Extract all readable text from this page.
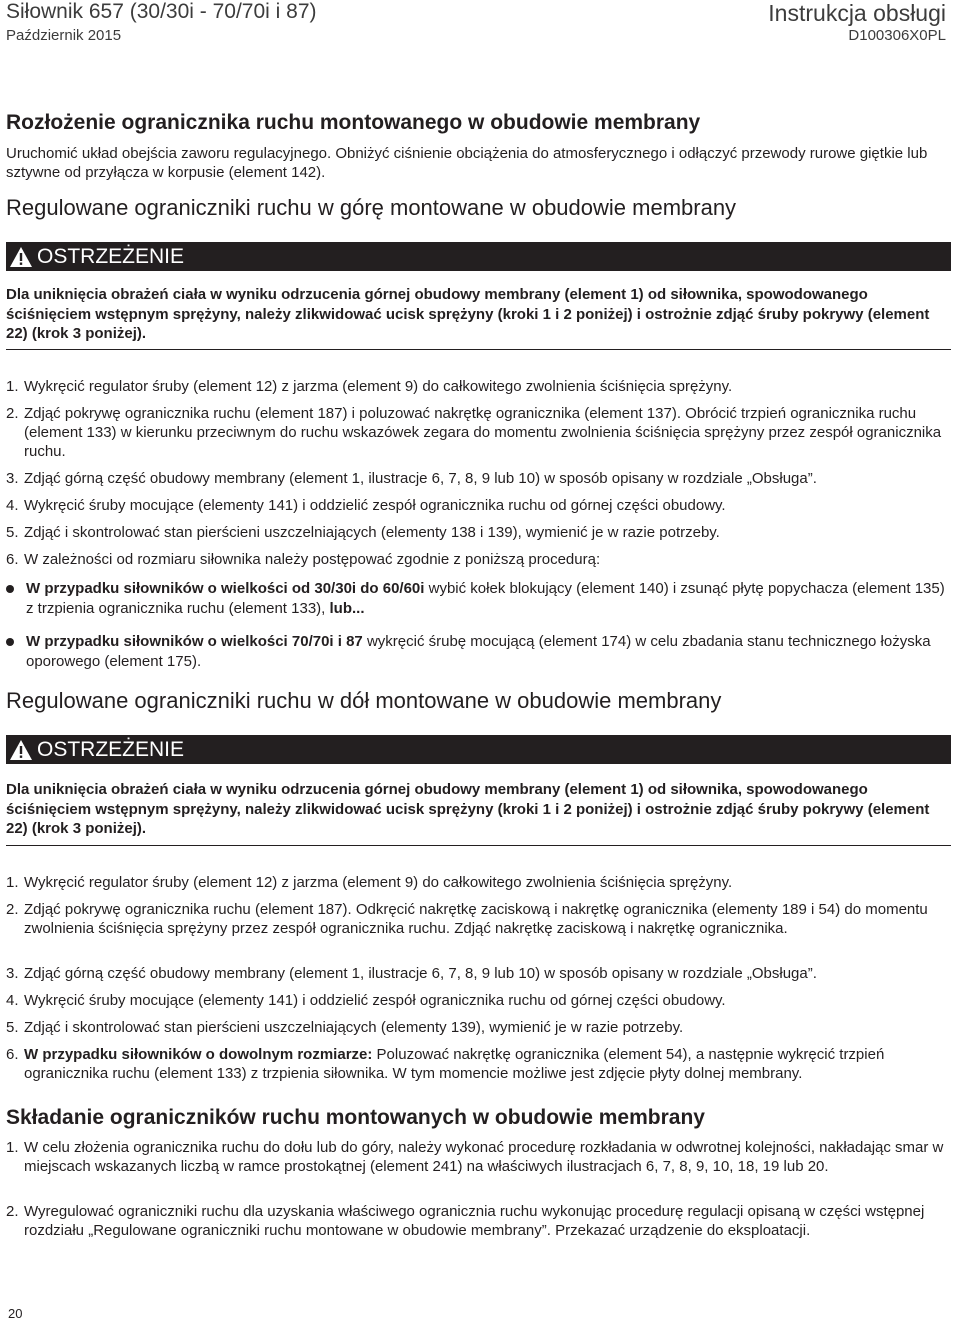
Siłownik 657 (30/30i - 70/70i i 87)
Październik 2015
Instrukcja obsługi
D100306X0PL
Rozłożenie ogranicznika ruchu montowanego w obudowie membrany
Uruchomić układ obejścia zaworu regulacyjnego. Obniżyć ciśnienie obciążenia do atmosferycznego i odłączyć przewody rurowe giętkie lub sztywne od przyłącza w korpusie (element 142).
Regulowane ograniczniki ruchu w górę montowane w obudowie membrany
OSTRZEŻENIE
Dla uniknięcia obrażeń ciała w wyniku odrzucenia górnej obudowy membrany (element 1) od siłownika, spowodowanego ściśnięciem wstępnym sprężyny, należy zlikwidować ucisk sprężyny (kroki 1 i 2 poniżej) i ostrożnie zdjąć śruby pokrywy (element 22) (krok 3 poniżej).
1. Wykręcić regulator śruby (element 12) z jarzma (element 9) do całkowitego zwolnienia ściśnięcia sprężyny.
2. Zdjąć pokrywę ogranicznika ruchu (element 187) i poluzować nakrętkę ogranicznika (element 137). Obrócić trzpień ogranicznika ruchu (element 133) w kierunku przeciwnym do ruchu wskazówek zegara do momentu zwolnienia ściśnięcia sprężyny przez zespół ogranicznika ruchu.
3. Zdjąć górną część obudowy membrany (element 1, ilustracje 6, 7, 8, 9 lub 10) w sposób opisany w rozdziale „Obsługa”.
4. Wykręcić śruby mocujące (elementy 141) i oddzielić zespół ogranicznika ruchu od górnej części obudowy.
5. Zdjąć i skontrolować stan pierścieni uszczelniających (elementy 138 i 139), wymienić je w razie potrzeby.
6. W zależności od rozmiaru siłownika należy postępować zgodnie z poniższą procedurą:
W przypadku siłowników o wielkości od 30/30i do 60/60i wybić kołek blokujący (element 140) i zsunąć płytę popychacza (element 135) z trzpienia ogranicznika ruchu (element 133), lub...
W przypadku siłowników o wielkości 70/70i i 87 wykręcić śrubę mocującą (element 174) w celu zbadania stanu technicznego łożyska oporowego (element 175).
Regulowane ograniczniki ruchu w dół montowane w obudowie membrany
OSTRZEŻENIE
Dla uniknięcia obrażeń ciała w wyniku odrzucenia górnej obudowy membrany (element 1) od siłownika, spowodowanego ściśnięciem wstępnym sprężyny, należy zlikwidować ucisk sprężyny (kroki 1 i 2 poniżej) i ostrożnie zdjąć śruby pokrywy (element 22) (krok 3 poniżej).
1. Wykręcić regulator śruby (element 12) z jarzma (element 9) do całkowitego zwolnienia ściśnięcia sprężyny.
2. Zdjąć pokrywę ogranicznika ruchu (element 187). Odkręcić nakrętkę zaciskową i nakrętkę ogranicznika (elementy 189 i 54) do momentu zwolnienia ściśnięcia sprężyny przez zespół ogranicznika ruchu. Zdjąć nakrętkę zaciskową i nakrętkę ogranicznika.
3. Zdjąć górną część obudowy membrany (element 1, ilustracje 6, 7, 8, 9 lub 10) w sposób opisany w rozdziale „Obsługa”.
4. Wykręcić śruby mocujące (elementy 141) i oddzielić zespół ogranicznika ruchu od górnej części obudowy.
5. Zdjąć i skontrolować stan pierścieni uszczelniających (elementy 139), wymienić je w razie potrzeby.
6. W przypadku siłowników o dowolnym rozmiarze: Poluzować nakrętkę ogranicznika (element 54), a następnie wykręcić trzpień ogranicznika ruchu (element 133) z trzpienia siłownika. W tym momencie możliwe jest zdjęcie płyty dolnej membrany.
Składanie ograniczników ruchu montowanych w obudowie membrany
1. W celu złożenia ogranicznika ruchu do dołu lub do góry, należy wykonać procedurę rozkładania w odwrotnej kolejności, nakładając smar w miejscach wskazanych liczbą w ramce prostokątnej (element 241) na właściwych ilustracjach 6, 7, 8, 9, 10, 18, 19 lub 20.
2. Wyregulować ograniczniki ruchu dla uzyskania właściwego ogranicznia ruchu wykonując procedurę regulacji opisaną w części wstępnej rozdziału „Regulowane ograniczniki ruchu montowane w obudowie membrany”. Przekazać urządzenie do eksploatacji.
20
